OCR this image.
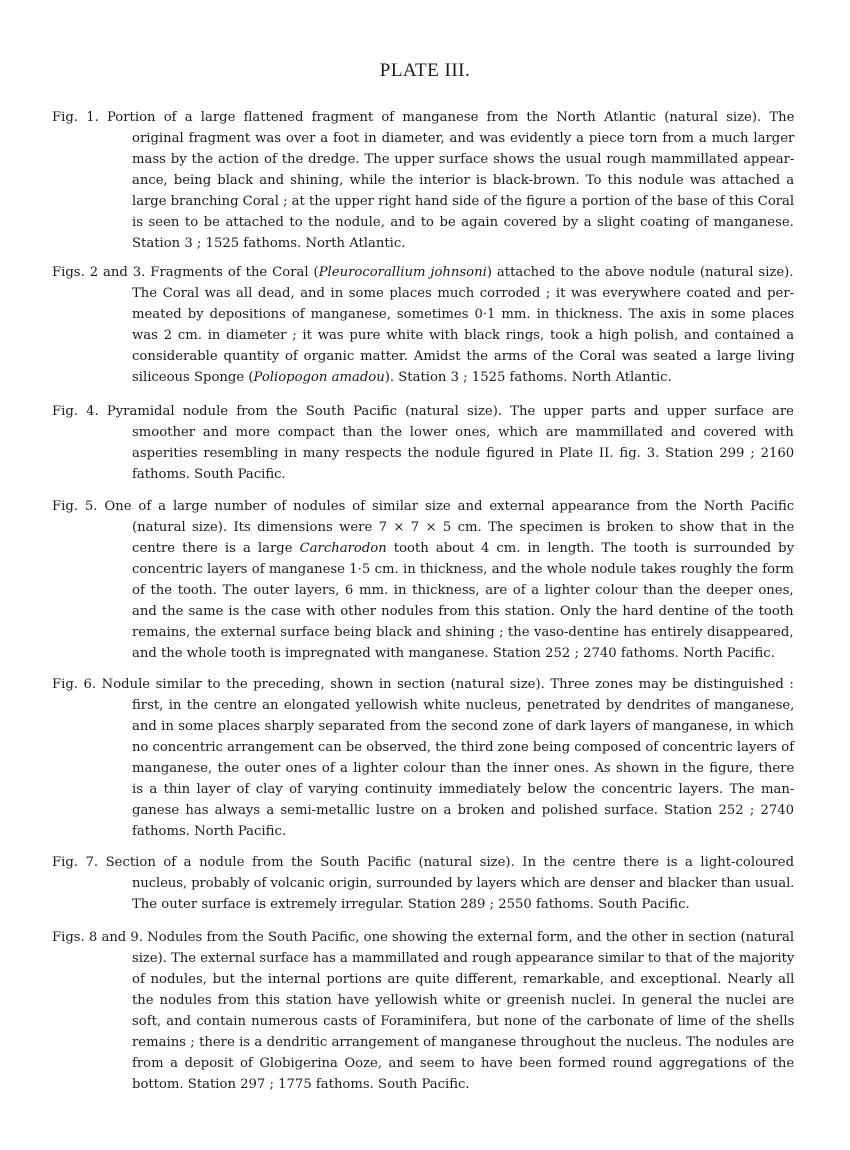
PLATE III.
Fig. 1. Portion of a large flattened fragment of manganese from the North Atlantic (natural size). The
original fragment was over a foot in diameter, and was evidently a piece torn from a much larger
mass by the action of the dredge. The upper surface shows the usual rough mammillated appear-
ance, being black and shining, while the interior is black-brown. To this nodule was attached a
large branching Coral ; at the upper right hand side of the figure a portion of the base of this Coral
is seen to be attached to the nodule, and to be again covered by a slight coating of manganese.
Station 3 ; 1525 fathoms. North Atlantic.
Figs. 2 and 3. Fragments of the Coral (Pleurocorallium johnsoni) attached to the above nodule (natural size).
The Coral was all dead, and in some places much corroded ; it was everywhere coated and per-
meated by depositions of manganese, sometimes 0·1 mm. in thickness. The axis in some places
was 2 cm. in diameter ; it was pure white with black rings, took a high polish, and contained a
considerable quantity of organic matter. Amidst the arms of the Coral was seated a large living
siliceous Sponge (Poliopogon amadou). Station 3 ; 1525 fathoms. North Atlantic.
Fig. 4. Pyramidal nodule from the South Pacific (natural size). The upper parts and upper surface are
smoother and more compact than the lower ones, which are mammillated and covered with
asperities resembling in many respects the nodule figured in Plate II. fig. 3. Station 299 ; 2160
fathoms. South Pacific.
Fig. 5. One of a large number of nodules of similar size and external appearance from the North Pacific
(natural size). Its dimensions were 7 × 7 × 5 cm. The specimen is broken to show that in the
centre there is a large Carcharodon tooth about 4 cm. in length. The tooth is surrounded by
concentric layers of manganese 1·5 cm. in thickness, and the whole nodule takes roughly the form
of the tooth. The outer layers, 6 mm. in thickness, are of a lighter colour than the deeper ones,
and the same is the case with other nodules from this station. Only the hard dentine of the tooth
remains, the external surface being black and shining ; the vaso-dentine has entirely disappeared,
and the whole tooth is impregnated with manganese. Station 252 ; 2740 fathoms. North Pacific.
Fig. 6. Nodule similar to the preceding, shown in section (natural size). Three zones may be distinguished :
first, in the centre an elongated yellowish white nucleus, penetrated by dendrites of manganese,
and in some places sharply separated from the second zone of dark layers of manganese, in which
no concentric arrangement can be observed, the third zone being composed of concentric layers of
manganese, the outer ones of a lighter colour than the inner ones. As shown in the figure, there
is a thin layer of clay of varying continuity immediately below the concentric layers. The man-
ganese has always a semi-metallic lustre on a broken and polished surface. Station 252 ; 2740
fathoms. North Pacific.
Fig. 7. Section of a nodule from the South Pacific (natural size). In the centre there is a light-coloured
nucleus, probably of volcanic origin, surrounded by layers which are denser and blacker than usual.
The outer surface is extremely irregular. Station 289 ; 2550 fathoms. South Pacific.
Figs. 8 and 9. Nodules from the South Pacific, one showing the external form, and the other in section (natural
size). The external surface has a mammillated and rough appearance similar to that of the majority
of nodules, but the internal portions are quite different, remarkable, and exceptional. Nearly all
the nodules from this station have yellowish white or greenish nuclei. In general the nuclei are
soft, and contain numerous casts of Foraminifera, but none of the carbonate of lime of the shells
remains ; there is a dendritic arrangement of manganese throughout the nucleus. The nodules are
from a deposit of Globigerina Ooze, and seem to have been formed round aggregations of the
bottom. Station 297 ; 1775 fathoms. South Pacific.
